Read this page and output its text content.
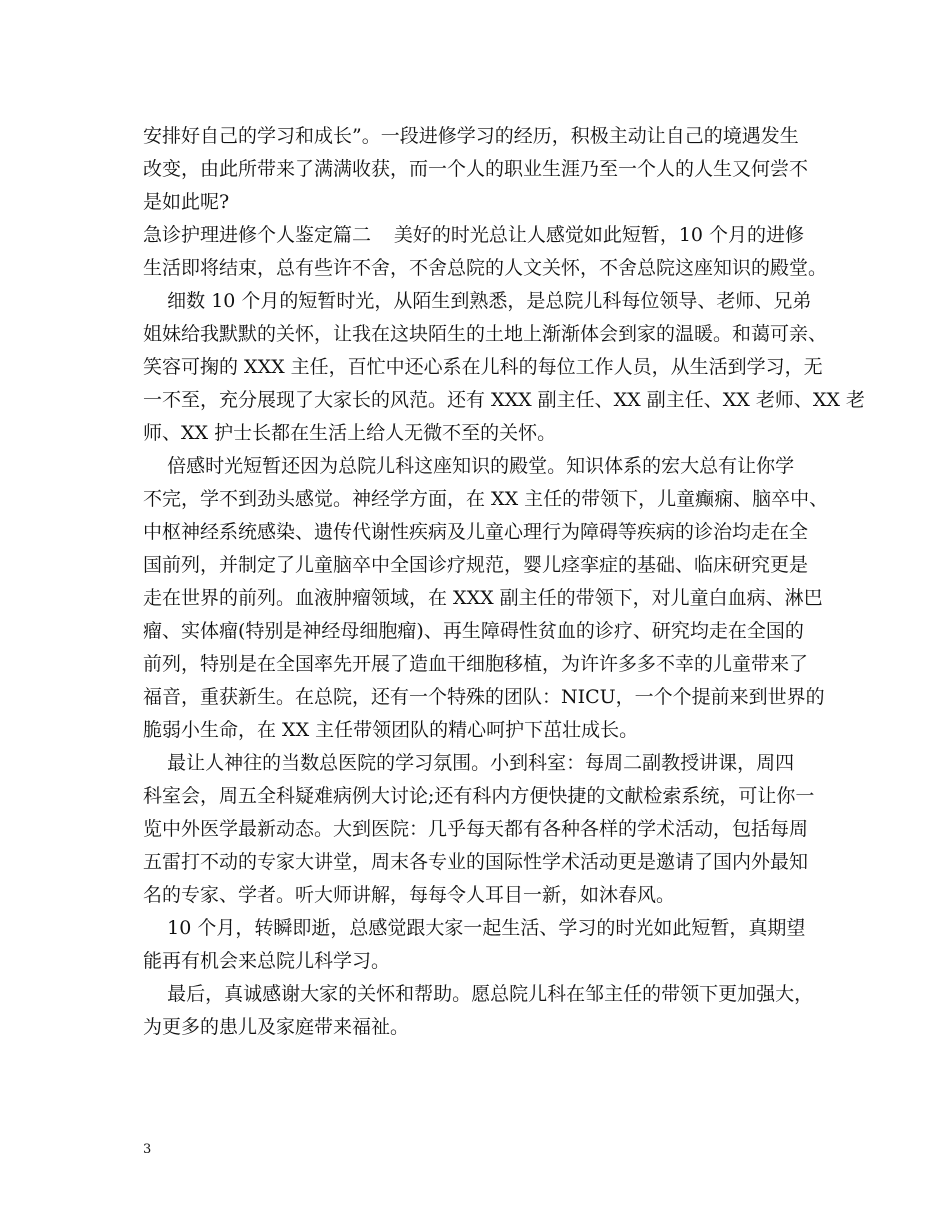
安排好自己的学习和成长”。一段进修学习的经历，积极主动让自己的境遇发生
改变，由此所带来了满满收获，而一个人的职业生涯乃至一个人的人生又何尝不
是如此呢?
急诊护理进修个人鉴定篇二	美好的时光总让人感觉如此短暂，10 个月的进修
生活即将结束，总有些许不舍，不舍总院的人文关怀，不舍总院这座知识的殿堂。
细数 10 个月的短暂时光，从陌生到熟悉，是总院儿科每位领导、老师、兄弟
姐妹给我默默的关怀，让我在这块陌生的土地上渐渐体会到家的温暖。和蔼可亲、
笑容可掬的 XXX 主任，百忙中还心系在儿科的每位工作人员，从生活到学习，无
一不至，充分展现了大家长的风范。还有 XXX 副主任、XX 副主任、XX 老师、XX 老
师、XX 护士长都在生活上给人无微不至的关怀。
倍感时光短暂还因为总院儿科这座知识的殿堂。知识体系的宏大总有让你学
不完，学不到劲头感觉。神经学方面，在 XX 主任的带领下，儿童癫痫、脑卒中、
中枢神经系统感染、遗传代谢性疾病及儿童心理行为障碍等疾病的诊治均走在全
国前列，并制定了儿童脑卒中全国诊疗规范，婴儿痉挛症的基础、临床研究更是
走在世界的前列。血液肿瘤领域，在 XXX 副主任的带领下，对儿童白血病、淋巴
瘤、实体瘤(特别是神经母细胞瘤)、再生障碍性贫血的诊疗、研究均走在全国的
前列，特别是在全国率先开展了造血干细胞移植，为许许多多不幸的儿童带来了
福音，重获新生。在总院，还有一个特殊的团队：NICU，一个个提前来到世界的
脆弱小生命，在 XX 主任带领团队的精心呵护下茁壮成长。
最让人神往的当数总医院的学习氛围。小到科室：每周二副教授讲课，周四
科室会，周五全科疑难病例大讨论;还有科内方便快捷的文献检索系统，可让你一
览中外医学最新动态。大到医院：几乎每天都有各种各样的学术活动，包括每周
五雷打不动的专家大讲堂，周末各专业的国际性学术活动更是邀请了国内外最知
名的专家、学者。听大师讲解，每每令人耳目一新，如沐春风。
10 个月，转瞬即逝，总感觉跟大家一起生活、学习的时光如此短暂，真期望
能再有机会来总院儿科学习。
最后，真诚感谢大家的关怀和帮助。愿总院儿科在邹主任的带领下更加强大，
为更多的患儿及家庭带来福祉。
3
